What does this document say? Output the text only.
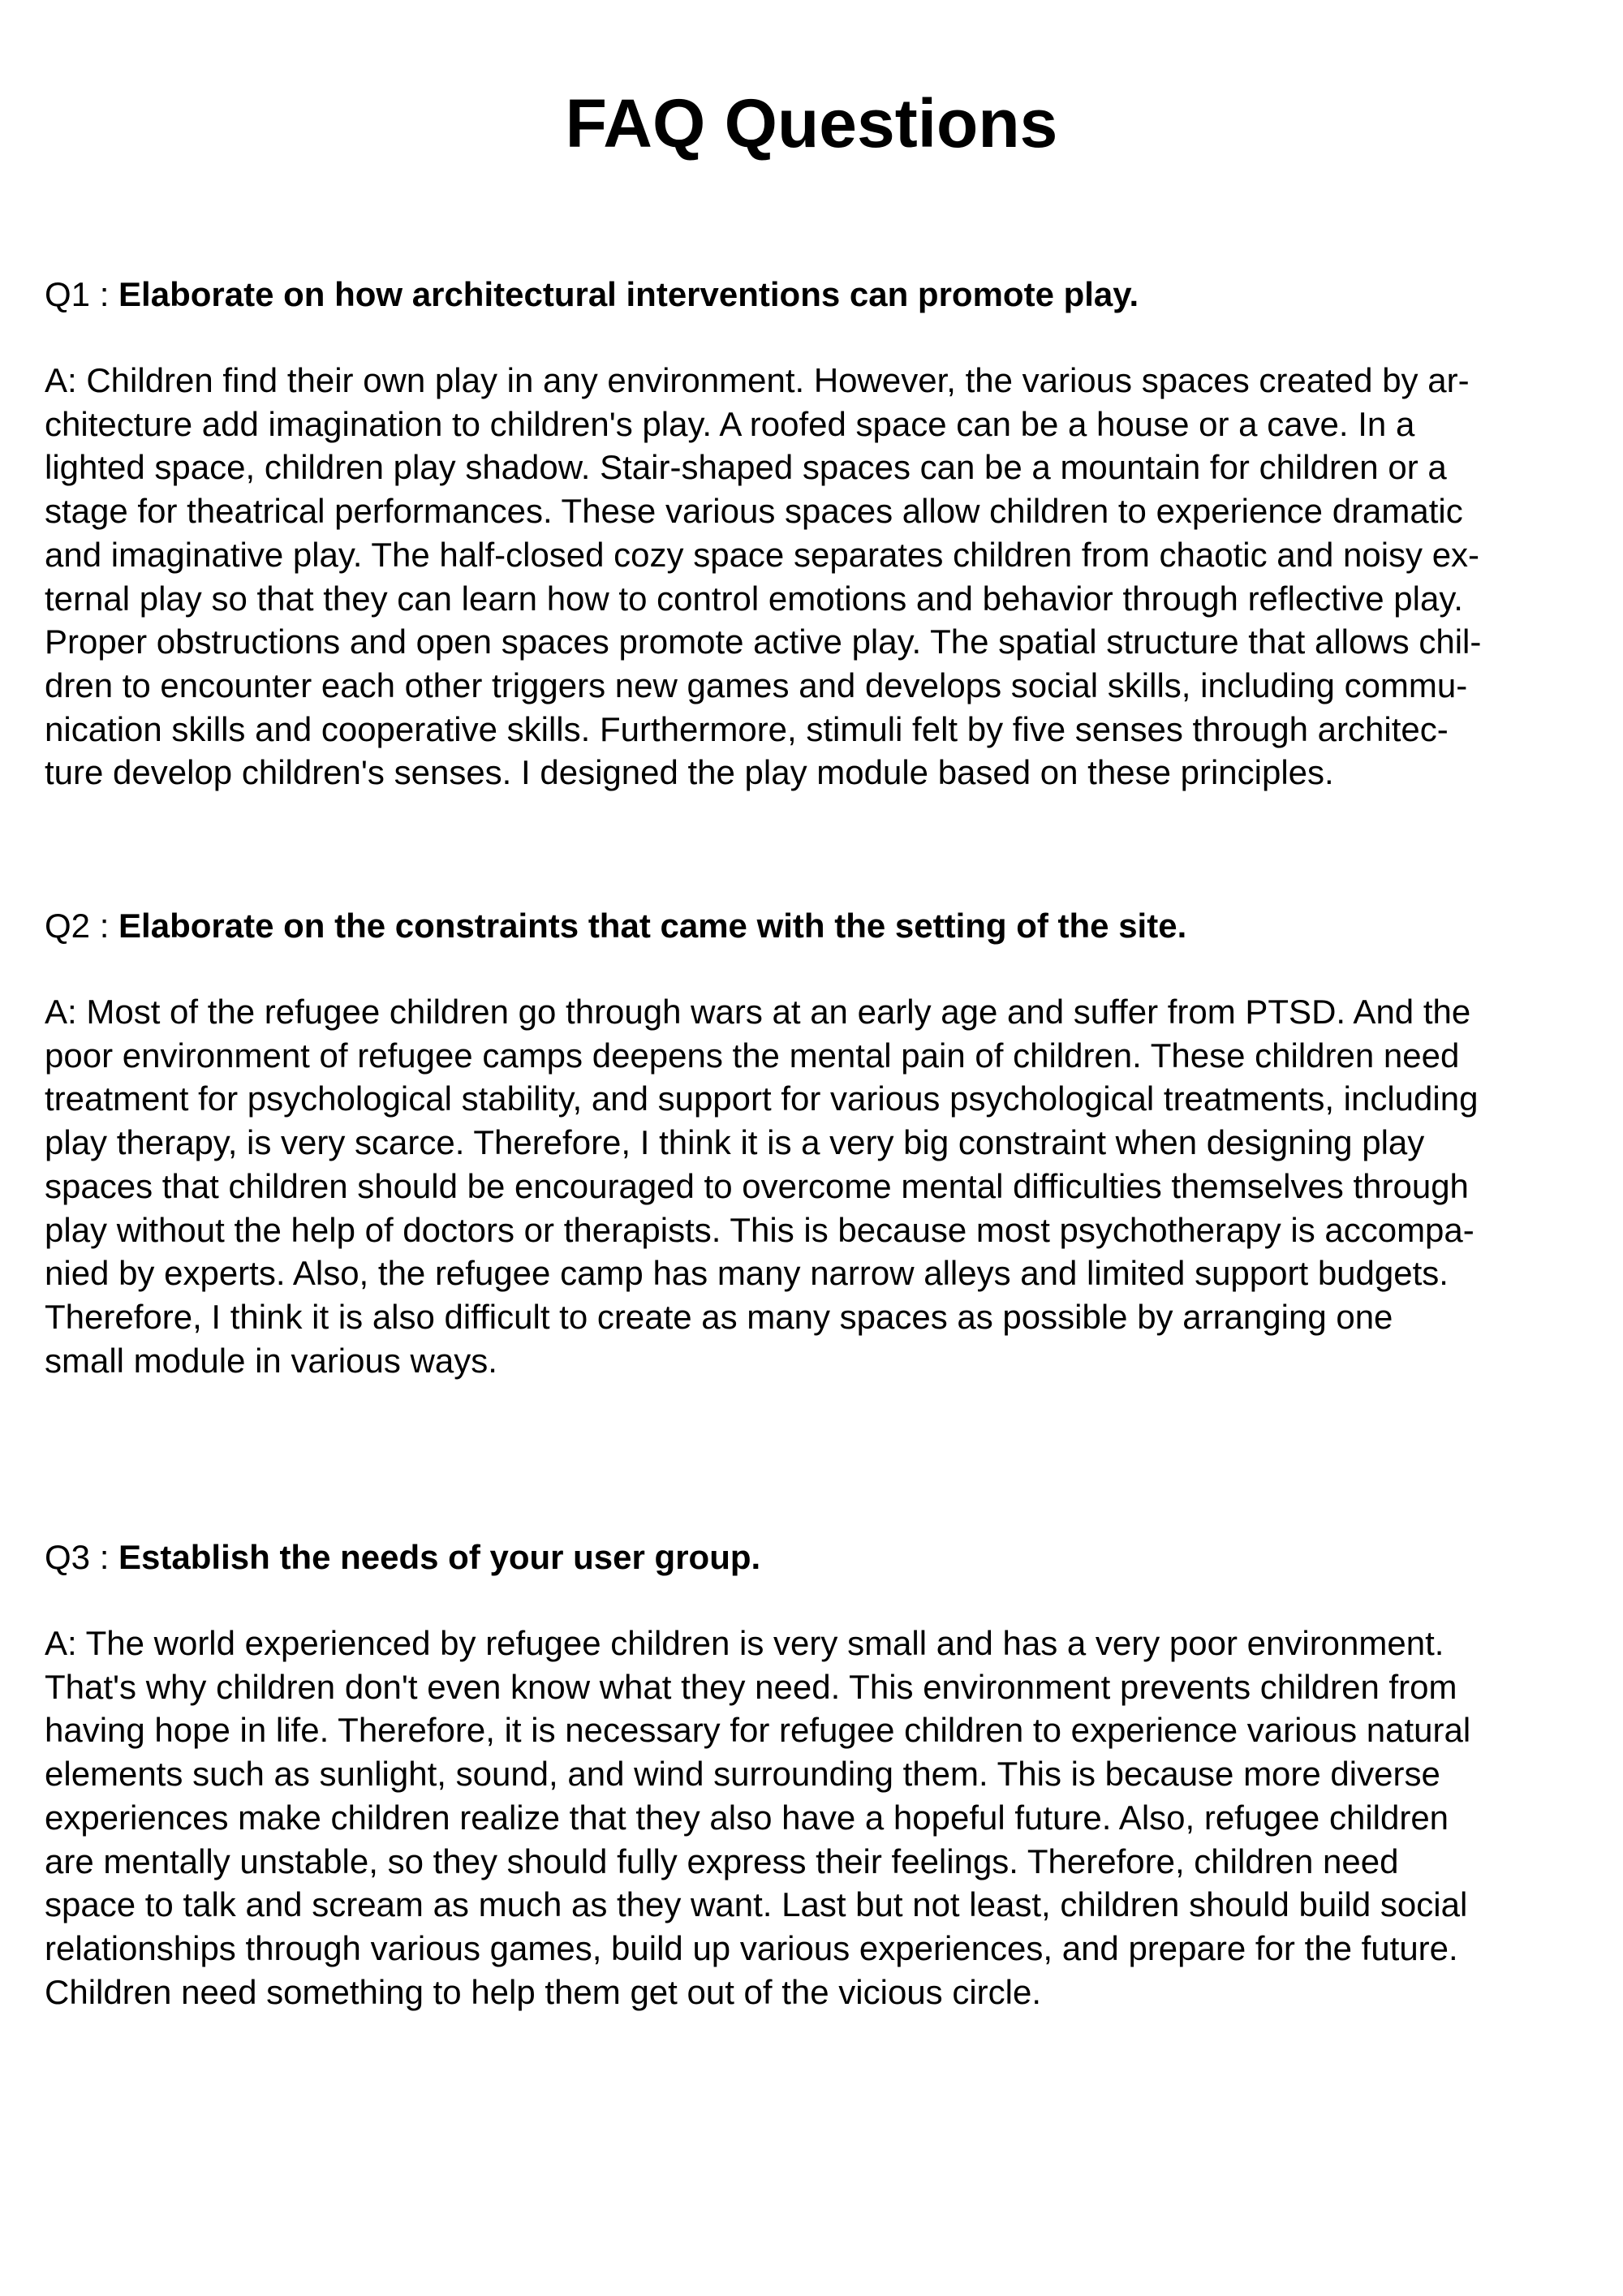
FAQ Questions

Q1 : Elaborate on how architectural interventions can promote play.

A: Children find their own play in any environment. However, the various spaces created by ar-
chitecture add imagination to children's play. A roofed space can be a house or a cave. In a
lighted space, children play shadow. Stair-shaped spaces can be a mountain for children or a
stage for theatrical performances. These various spaces allow children to experience dramatic
and imaginative play. The half-closed cozy space separates children from chaotic and noisy ex-
ternal play so that they can learn how to control emotions and behavior through reflective play.
Proper obstructions and open spaces promote active play. The spatial structure that allows chil-
dren to encounter each other triggers new games and develops social skills, including commu-
nication skills and cooperative skills. Furthermore, stimuli felt by five senses through architec-
ture develop children's senses. I designed the play module based on these principles.

Q2 : Elaborate on the constraints that came with the setting of the site.

A: Most of the refugee children go through wars at an early age and suffer from PTSD. And the
poor environment of refugee camps deepens the mental pain of children. These children need
treatment for psychological stability, and support for various psychological treatments, including
play therapy, is very scarce. Therefore, I think it is a very big constraint when designing play
spaces that children should be encouraged to overcome mental difficulties themselves through
play without the help of doctors or therapists. This is because most psychotherapy is accompa-
nied by experts. Also, the refugee camp has many narrow alleys and limited support budgets.
Therefore, I think it is also difficult to create as many spaces as possible by arranging one
small module in various ways.

Q3 : Establish the needs of your user group.

A: The world experienced by refugee children is very small and has a very poor environment.
That's why children don't even know what they need. This environment prevents children from
having hope in life. Therefore, it is necessary for refugee children to experience various natural
elements such as sunlight, sound, and wind surrounding them. This is because more diverse
experiences make children realize that they also have a hopeful future. Also, refugee children
are mentally unstable, so they should fully express their feelings. Therefore, children need
space to talk and scream as much as they want. Last but not least, children should build social
relationships through various games, build up various experiences, and prepare for the future.
Children need something to help them get out of the vicious circle.
